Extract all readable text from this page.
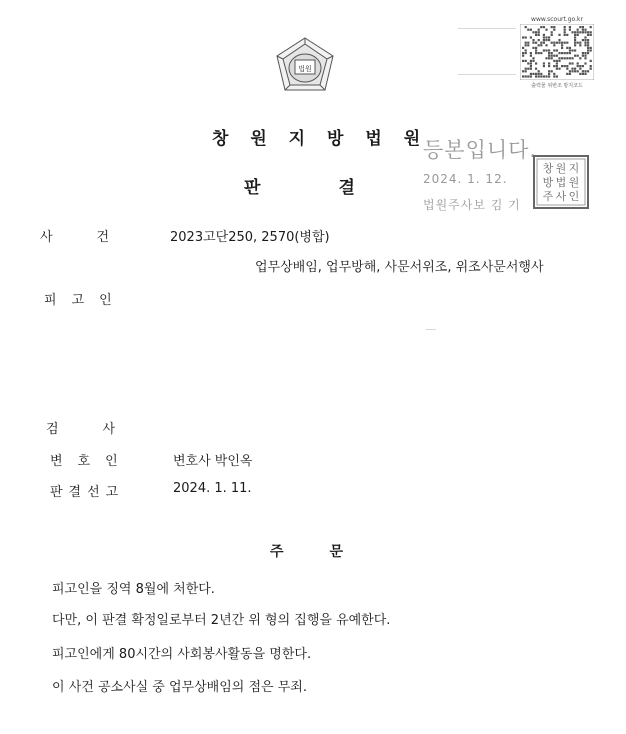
법원
www.scourt.go.kr
출력물 위변조 방지코드
창 원 지 방 법 원
판	결
등본입니다.
2024. 1. 12.
법원주사보 김 기
창 원 지
방 법 원
주 사 인
사건 2023고단250, 2570(병합)
업무상배임, 업무방해, 사문서위조, 위조사문서행사
피고인
검사
변호인	변호사 박인옥
판결선고	2024. 1. 11.
주	문
피고인을 징역 8월에 처한다.
다만, 이 판결 확정일로부터 2년간 위 형의 집행을 유예한다.
피고인에게 80시간의 사회봉사활동을 명한다.
이 사건 공소사실 중 업무상배임의 점은 무죄.
